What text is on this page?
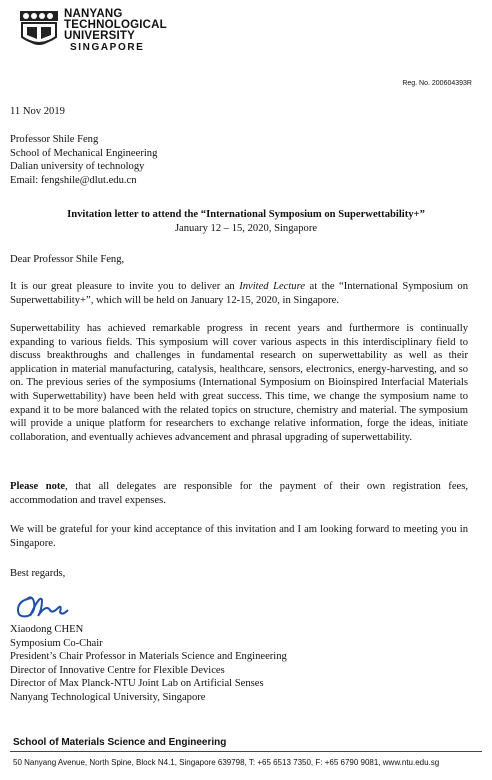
NANYANG
TECHNOLOGICAL
UNIVERSITY
SINGAPORE
Reg. No. 200604393R
11 Nov 2019
Professor Shile Feng
School of Mechanical Engineering
Dalian university of technology
Email: fengshile@dlut.edu.cn
Invitation letter to attend the “International Symposium on Superwettability+”
January 12 – 15, 2020, Singapore
Dear Professor Shile Feng,
It is our great pleasure to invite you to deliver an Invited Lecture at the “International Symposium on Superwettability+”, which will be held on January 12-15, 2020, in Singapore.
Superwettability has achieved remarkable progress in recent years and furthermore is continually expanding to various fields. This symposium will cover various aspects in this interdisciplinary field to discuss breakthroughs and challenges in fundamental research on superwettability as well as their application in material manufacturing, catalysis, healthcare, sensors, electronics, energy-harvesting, and so on. The previous series of the symposiums (International Symposium on Bioinspired Interfacial Materials with Superwettability) have been held with great success. This time, we change the symposium name to expand it to be more balanced with the related topics on structure, chemistry and material. The symposium will provide a unique platform for researchers to exchange relative information, forge the ideas, initiate collaboration, and eventually achieves advancement and phrasal upgrading of superwettability.
Please note, that all delegates are responsible for the payment of their own registration fees, accommodation and travel expenses.
We will be grateful for your kind acceptance of this invitation and I am looking forward to meeting you in Singapore.
Best regards,
Xiaodong CHEN
Symposium Co-Chair
President’s Chair Professor in Materials Science and Engineering
Director of Innovative Centre for Flexible Devices
Director of Max Planck-NTU Joint Lab on Artificial Senses
Nanyang Technological University, Singapore
School of Materials Science and Engineering
50 Nanyang Avenue, North Spine, Block N4.1, Singapore 639798, T: +65 6513 7350, F: +65 6790 9081, www.ntu.edu.sg
